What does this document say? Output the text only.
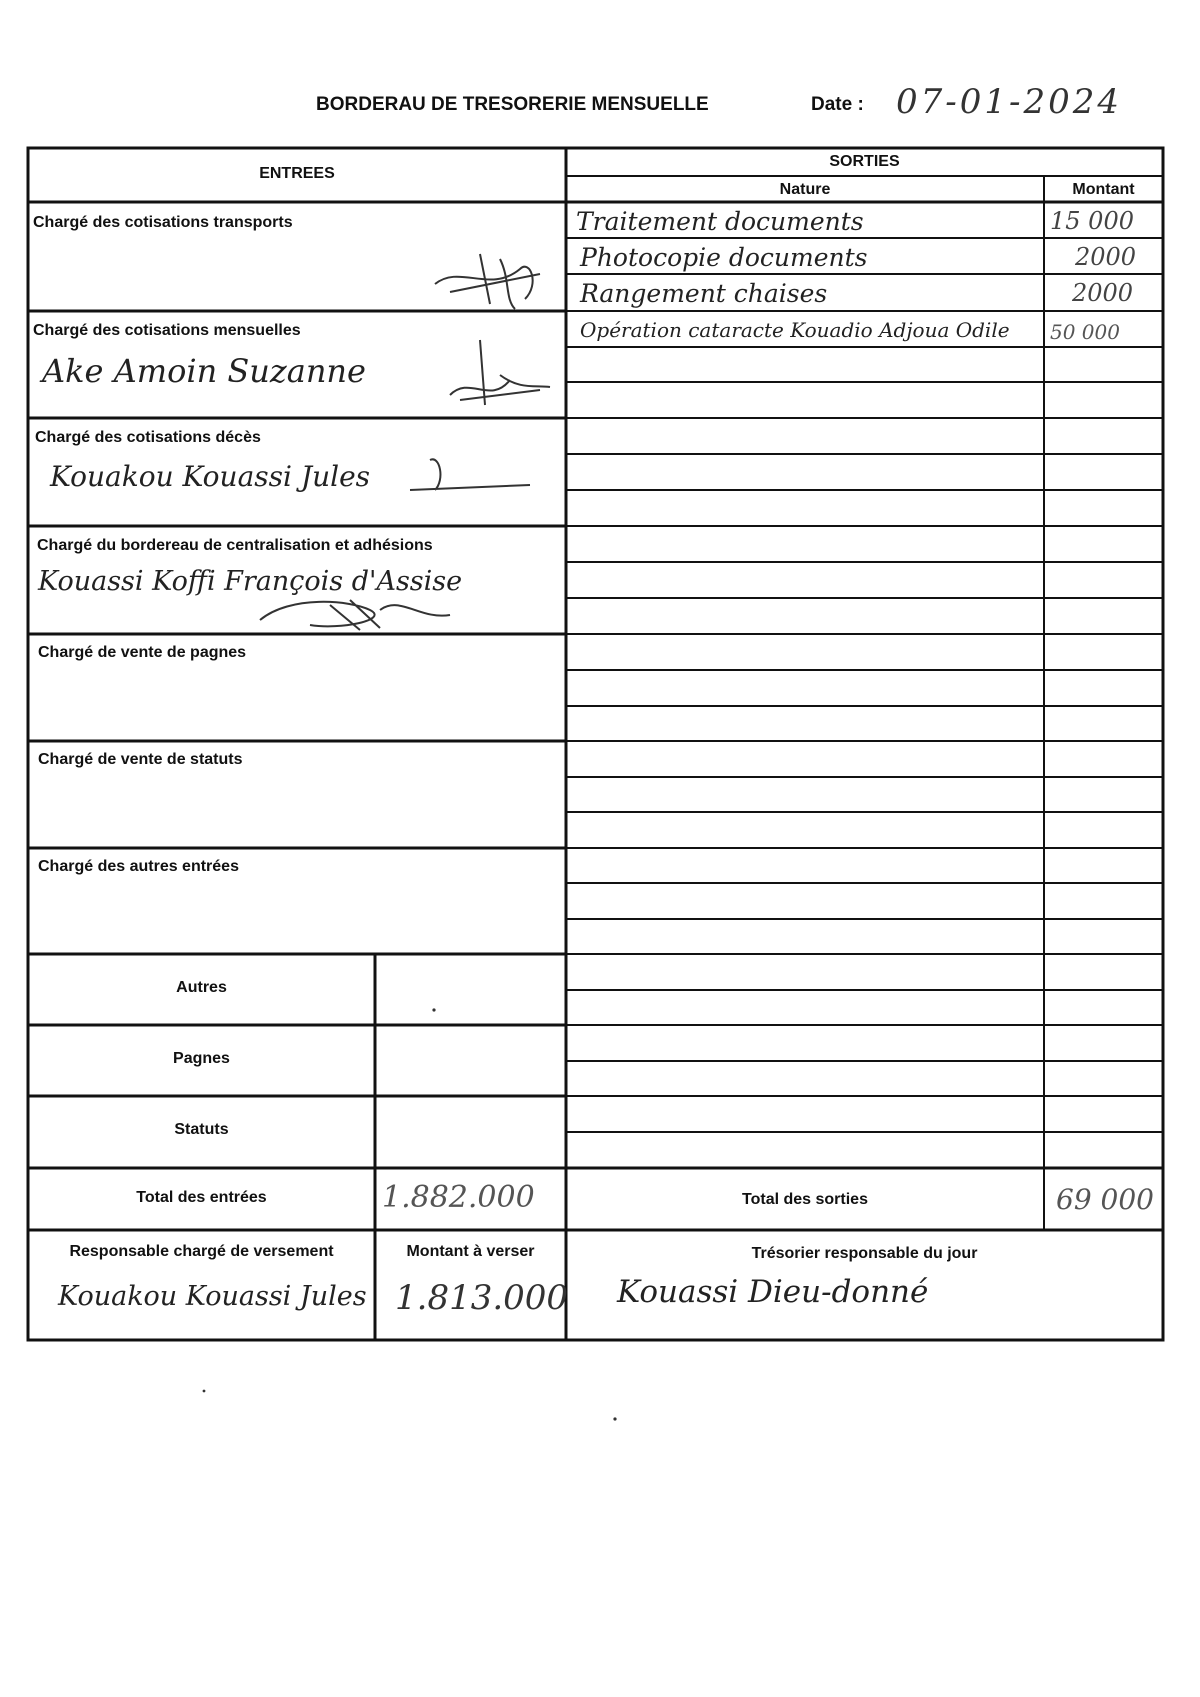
BORDERAU DE TRESORERIE MENSUELLE	Date : 07-01-2024
ENTREES
SORTIES
Nature	Montant
Chargé des cotisations transports
Chargé des cotisations mensuelles
Ake Amoin Suzanne
Chargé des cotisations décès
Kouakou Kouassi Jules
Chargé du bordereau de centralisation et adhésions
Kouassi Koffi François d'Assise
Chargé de vente de pagnes
Chargé de vente de statuts
Chargé des autres entrées
Autres
Pagnes
Statuts
Total des entrées	1.882.000
Traitement documents	15 000
Photocopie documents	2000
Rangement chaises	2000
Opération cataracte Kouadio Adjoua Odile 50 000
Total des sorties	69 000
Responsable chargé de versement
Kouakou Kouassi Jules
Montant à verser
1.813.000
Trésorier responsable du jour
Kouassi Dieu-donné
